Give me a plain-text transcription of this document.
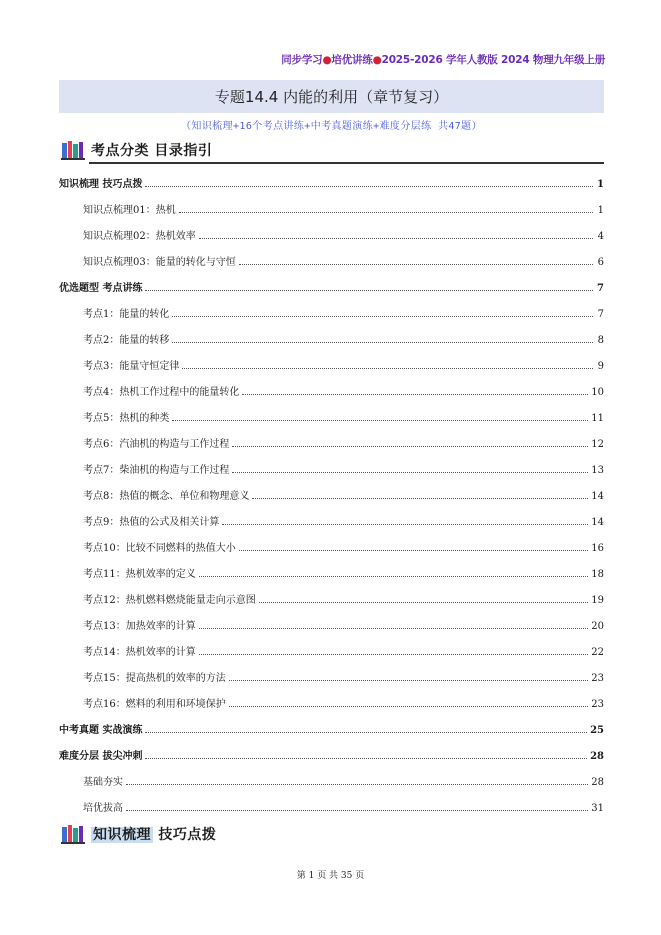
同步学习●培优讲练●2025-2026 学年人教版 2024 物理九年级上册
专题14.4 内能的利用（章节复习）
（知识梳理+16个考点讲练+中考真题演练+难度分层练 共47题）
考点分类 目录指引
知识梳理 技巧点拨	1
知识点梳理01：热机	1
知识点梳理02：热机效率	4
知识点梳理03：能量的转化与守恒	6
优选题型 考点讲练	7
考点1：能量的转化	7
考点2：能量的转移	8
考点3：能量守恒定律	9
考点4：热机工作过程中的能量转化	10
考点5：热机的种类	11
考点6：汽油机的构造与工作过程	12
考点7：柴油机的构造与工作过程	13
考点8：热值的概念、单位和物理意义	14
考点9：热值的公式及相关计算	14
考点10：比较不同燃料的热值大小	16
考点11：热机效率的定义	18
考点12：热机燃料燃烧能量走向示意图	19
考点13：加热效率的计算	20
考点14：热机效率的计算	22
考点15：提高热机的效率的方法	23
考点16：燃料的利用和环境保护	23
中考真题 实战演练	25
难度分层 拔尖冲刺	28
基础夯实	28
培优拔高	31
知识梳理 技巧点拨
第 1 页 共 35 页
